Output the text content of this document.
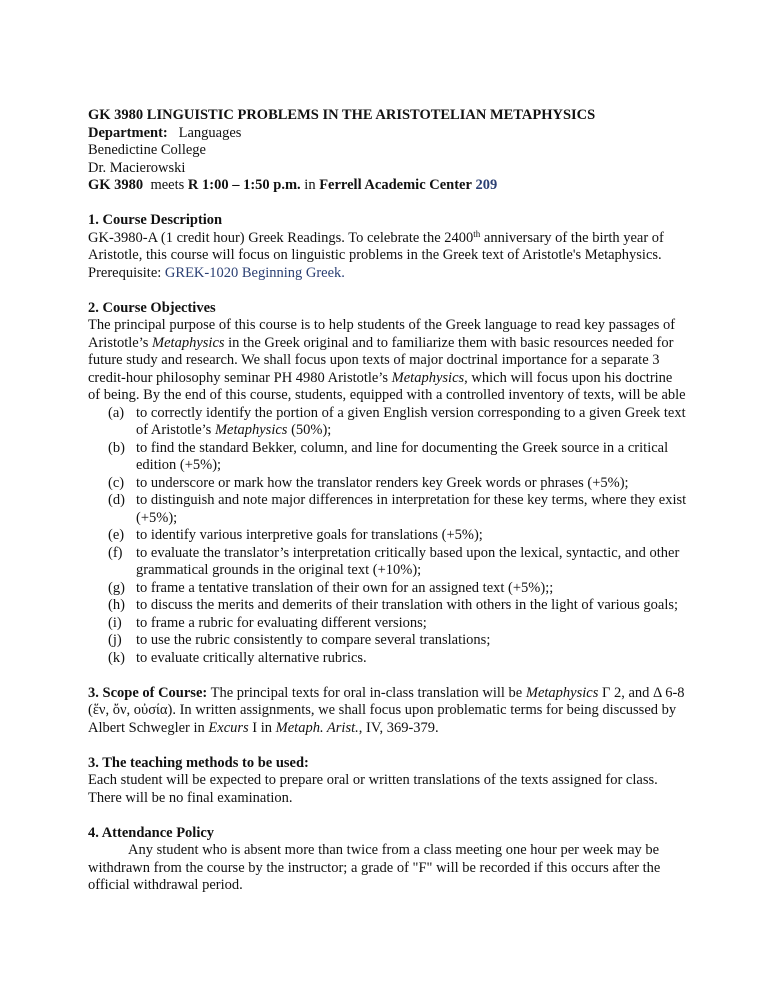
GK 3980 LINGUISTIC PROBLEMS IN THE ARISTOTELIAN METAPHYSICS
Department: Languages
Benedictine College
Dr. Macierowski
GK 3980 meets R 1:00 – 1:50 p.m. in Ferrell Academic Center 209
1. Course Description
GK-3980-A (1 credit hour) Greek Readings. To celebrate the 2400th anniversary of the birth year of Aristotle, this course will focus on linguistic problems in the Greek text of Aristotle's Metaphysics. Prerequisite: GREK-1020 Beginning Greek.
2. Course Objectives
The principal purpose of this course is to help students of the Greek language to read key passages of Aristotle’s Metaphysics in the Greek original and to familiarize them with basic resources needed for future study and research. We shall focus upon texts of major doctrinal importance for a separate 3 credit-hour philosophy seminar PH 4980 Aristotle’s Metaphysics, which will focus upon his doctrine of being. By the end of this course, students, equipped with a controlled inventory of texts, will be able
(a) to correctly identify the portion of a given English version corresponding to a given Greek text of Aristotle’s Metaphysics (50%);
(b) to find the standard Bekker, column, and line for documenting the Greek source in a critical edition (+5%);
(c) to underscore or mark how the translator renders key Greek words or phrases (+5%);
(d) to distinguish and note major differences in interpretation for these key terms, where they exist (+5%);
(e) to identify various interpretive goals for translations (+5%);
(f) to evaluate the translator’s interpretation critically based upon the lexical, syntactic, and other grammatical grounds in the original text (+10%);
(g) to frame a tentative translation of their own for an assigned text (+5%);;
(h) to discuss the merits and demerits of their translation with others in the light of various goals;
(i) to frame a rubric for evaluating different versions;
(j) to use the rubric consistently to compare several translations;
(k) to evaluate critically alternative rubrics.
3. Scope of Course: The principal texts for oral in-class translation will be Metaphysics Γ 2, and Δ 6-8 (ἕν, ὄν, οὐσία). In written assignments, we shall focus upon problematic terms for being discussed by Albert Schwegler in Excurs I in Metaph. Arist., IV, 369-379.
3. The teaching methods to be used:
Each student will be expected to prepare oral or written translations of the texts assigned for class. There will be no final examination.
4. Attendance Policy
Any student who is absent more than twice from a class meeting one hour per week may be withdrawn from the course by the instructor; a grade of "F" will be recorded if this occurs after the official withdrawal period.
